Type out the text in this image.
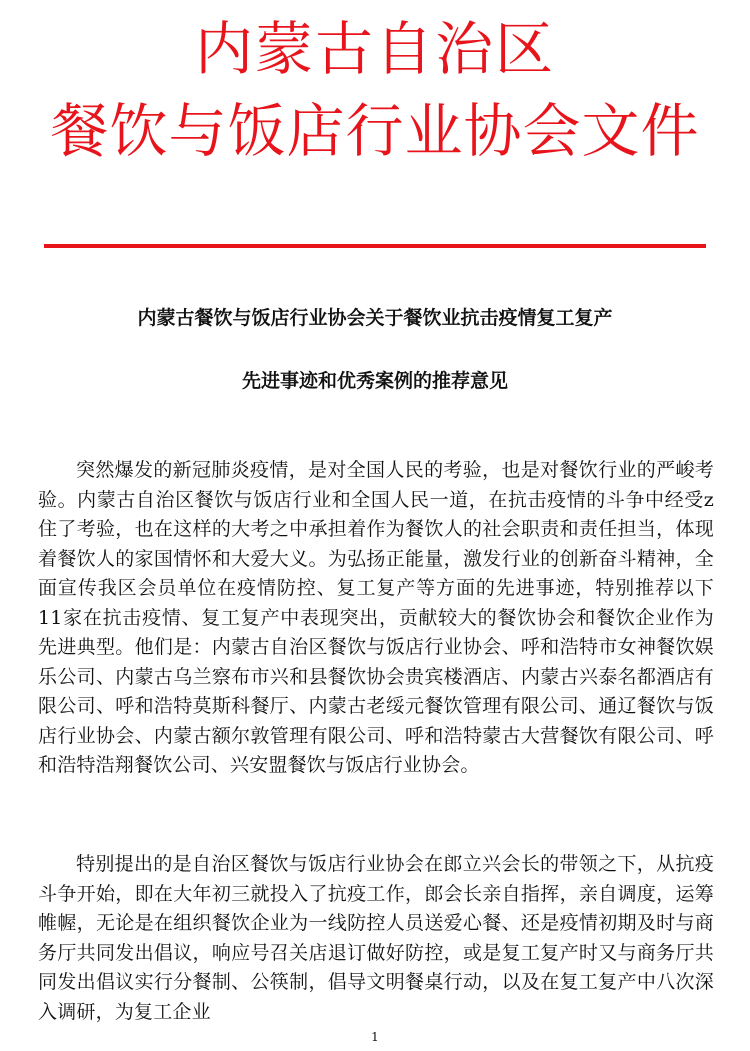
内蒙古自治区
餐饮与饭店行业协会文件
内蒙古餐饮与饭店行业协会关于餐饮业抗击疫情复工复产
先进事迹和优秀案例的推荐意见
突然爆发的新冠肺炎疫情，是对全国人民的考验，也是对餐饮行业的严峻考验。内蒙古自治区餐饮与饭店行业和全国人民一道，在抗击疫情的斗争中经受z住了考验，也在这样的大考之中承担着作为餐饮人的社会职责和责任担当，体现着餐饮人的家国情怀和大爱大义。为弘扬正能量，激发行业的创新奋斗精神，全面宣传我区会员单位在疫情防控、复工复产等方面的先进事迹，特别推荐以下11家在抗击疫情、复工复产中表现突出，贡献较大的餐饮协会和餐饮企业作为先进典型。他们是：内蒙古自治区餐饮与饭店行业协会、呼和浩特市女神餐饮娱乐公司、内蒙古乌兰察布市兴和县餐饮协会贵宾楼酒店、内蒙古兴泰名都酒店有限公司、呼和浩特莫斯科餐厅、内蒙古老绥元餐饮管理有限公司、通辽餐饮与饭店行业协会、内蒙古额尔敦管理有限公司、呼和浩特蒙古大营餐饮有限公司、呼和浩特浩翔餐饮公司、兴安盟餐饮与饭店行业协会。
特别提出的是自治区餐饮与饭店行业协会在郎立兴会长的带领之下，从抗疫斗争开始，即在大年初三就投入了抗疫工作，郎会长亲自指挥，亲自调度，运筹帷幄，无论是在组织餐饮企业为一线防控人员送爱心餐、还是疫情初期及时与商务厅共同发出倡议，响应号召关店退订做好防控，或是复工复产时又与商务厅共同发出倡议实行分餐制、公筷制，倡导文明餐桌行动，以及在复工复产中八次深入调研，为复工企业
1
